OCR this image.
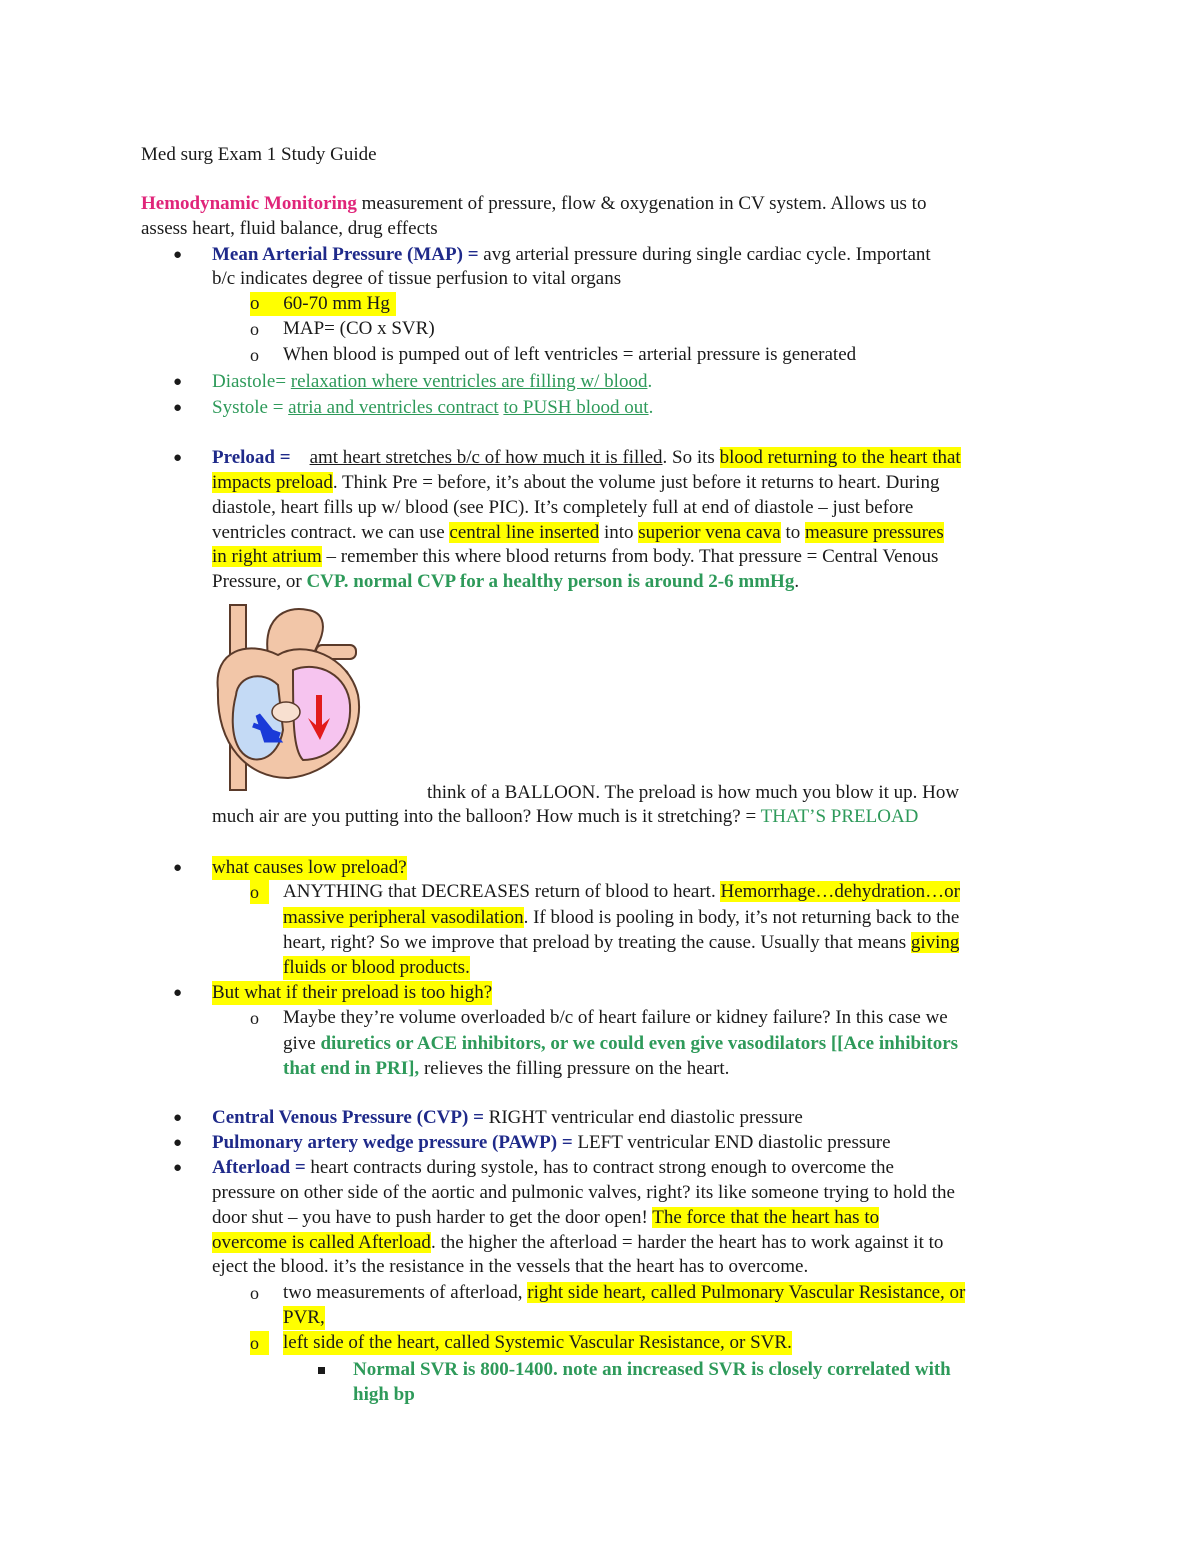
Med surg Exam 1 Study Guide
Hemodynamic Monitoring measurement of pressure, flow & oxygenation in CV system. Allows us to
assess heart, fluid balance, drug effects
● Mean Arterial Pressure (MAP) = avg arterial pressure during single cardiac cycle. Important
b/c indicates degree of tissue perfusion to vital organs
o 60-70 mm Hg
o MAP= (CO x SVR)
o When blood is pumped out of left ventricles = arterial pressure is generated
● Diastole= relaxation where ventricles are filling w/ blood.
● Systole = atria and ventricles contract to PUSH blood out.
● Preload =    amt heart stretches b/c of how much it is filled. So its blood returning to the heart that
impacts preload. Think Pre = before, it’s about the volume just before it returns to heart. During
diastole, heart fills up w/ blood (see PIC). It’s completely full at end of diastole – just before
ventricles contract. we can use central line inserted into superior vena cava to measure pressures
in right atrium – remember this where blood returns from body. That pressure = Central Venous
Pressure, or CVP. normal CVP for a healthy person is around 2-6 mmHg.
think of a BALLOON. The preload is how much you blow it up. How
much air are you putting into the balloon? How much is it stretching? = THAT’S PRELOAD
● what causes low preload?
o	ANYTHING that DECREASES return of blood to heart. Hemorrhage…dehydration…or
massive peripheral vasodilation. If blood is pooling in body, it’s not returning back to the
heart, right? So we improve that preload by treating the cause. Usually that means giving
fluids or blood products.
● But what if their preload is too high?
o Maybe they’re volume overloaded b/c of heart failure or kidney failure? In this case we
give diuretics or ACE inhibitors, or we could even give vasodilators [[Ace inhibitors
that end in PRI], relieves the filling pressure on the heart.
● Central Venous Pressure (CVP) = RIGHT ventricular end diastolic pressure
● Pulmonary artery wedge pressure (PAWP) = LEFT ventricular END diastolic pressure
● Afterload = heart contracts during systole, has to contract strong enough to overcome the
pressure on other side of the aortic and pulmonic valves, right? its like someone trying to hold the
door shut – you have to push harder to get the door open! The force that the heart has to
overcome is called Afterload. the higher the afterload = harder the heart has to work against it to
eject the blood. it’s the resistance in the vessels that the heart has to overcome.
o two measurements of afterload, right side heart, called Pulmonary Vascular Resistance, or
PVR,
o	left side of the heart, called Systemic Vascular Resistance, or SVR.
Normal SVR is 800-1400. note an increased SVR is closely correlated with
high bp
